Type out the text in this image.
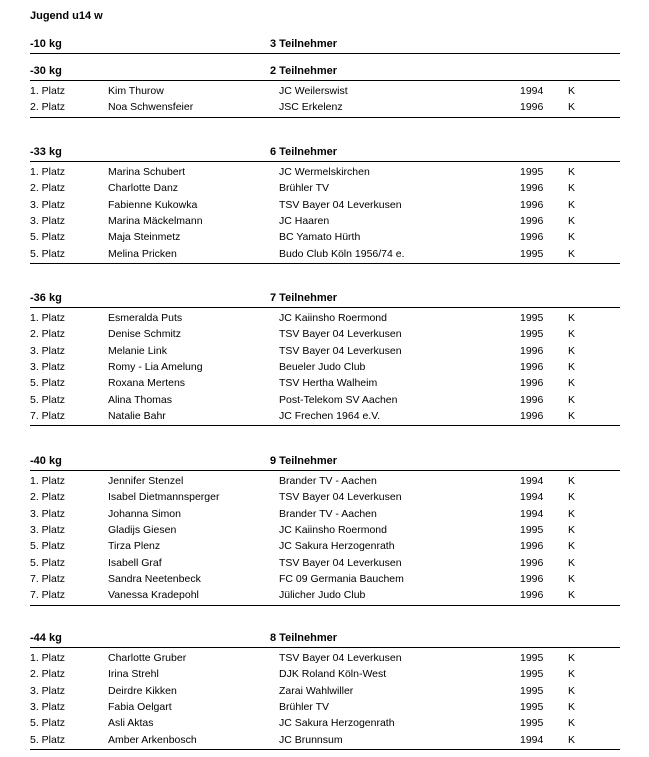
Jugend u14 w
-10 kg	3 Teilnehmer
-30 kg	2 Teilnehmer
1. Platz	Kim Thurow	JC Weilerswist	1994 K
2. Platz	Noa Schwensfeier	JSC Erkelenz	1996 K
-33 kg	6 Teilnehmer
1. Platz	Marina Schubert	JC Wermelskirchen	1995 K
2. Platz	Charlotte Danz	Brühler TV	1996 K
3. Platz	Fabienne Kukowka	TSV Bayer 04 Leverkusen	1996 K
3. Platz	Marina Mäckelmann	JC Haaren	1996 K
5. Platz	Maja Steinmetz	BC Yamato Hürth	1996 K
5. Platz	Melina Pricken	Budo Club Köln 1956/74 e.	1995 K
-36 kg	7 Teilnehmer
1. Platz	Esmeralda Puts	JC Kaiinsho Roermond	1995 K
2. Platz	Denise Schmitz	TSV Bayer 04 Leverkusen	1995 K
3. Platz	Melanie Link	TSV Bayer 04 Leverkusen	1996 K
3. Platz	Romy - Lia Amelung	Beueler Judo Club	1996 K
5. Platz	Roxana Mertens	TSV Hertha Walheim	1996 K
5. Platz	Alina Thomas	Post-Telekom SV Aachen	1996 K
7. Platz	Natalie Bahr	JC Frechen 1964 e.V.	1996 K
-40 kg	9 Teilnehmer
1. Platz	Jennifer Stenzel	Brander TV - Aachen	1994 K
2. Platz	Isabel Dietmannsperger	TSV Bayer 04 Leverkusen	1994 K
3. Platz	Johanna Simon	Brander TV - Aachen	1994 K
3. Platz	Gladijs Giesen	JC Kaiinsho Roermond	1995 K
5. Platz	Tirza Plenz	JC Sakura Herzogenrath	1996 K
5. Platz	Isabell Graf	TSV Bayer 04 Leverkusen	1996 K
7. Platz	Sandra Neetenbeck	FC 09 Germania Bauchem	1996 K
7. Platz	Vanessa Kradepohl	Jülicher Judo Club	1996 K
-44 kg	8 Teilnehmer
1. Platz	Charlotte Gruber	TSV Bayer 04 Leverkusen	1995 K
2. Platz	Irina Strehl	DJK Roland Köln-West	1995 K
3. Platz	Deirdre Kikken	Zarai Wahlwiller	1995 K
3. Platz	Fabia Oelgart	Brühler TV	1995 K
5. Platz	Asli Aktas	JC Sakura Herzogenrath	1995 K
5. Platz	Amber Arkenbosch	JC Brunnsum	1994 K
